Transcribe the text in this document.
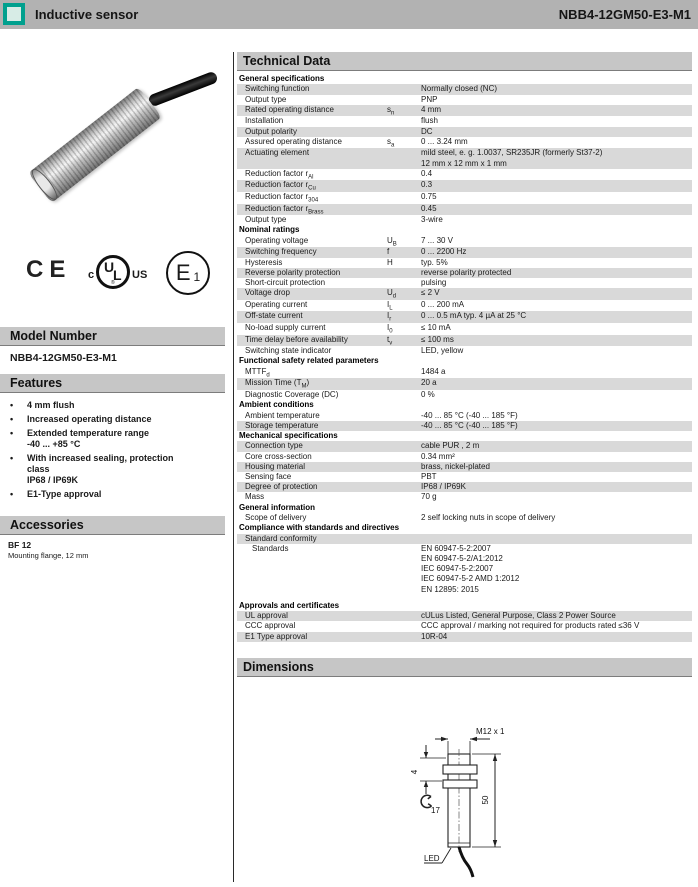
Inductive sensor	NBB4-12GM50-E3-M1
CE c U
L
®
US E 1
Model Number
NBB4-12GM50-E3-M1
Features
•	4 mm flush
•	Increased operating distance
•	Extended temperature range
-40 ... +85 °C
•	With increased sealing, protection
class
IP68 / IP69K
•	E1-Type approval
Accessories
BF 12
Mounting flange, 12 mm
Technical Data
General specifications
Switching function	Normally closed (NC)
Output type	PNP
Rated operating distance	$s_n$	4 mm
Installation	flush
Output polarity	DC
Assured operating distance	$s_a$	0 ... 3.24 mm
Actuating element	mild steel, e. g. 1.0037, SR235JR (formerly St37-2)
12 mm x 12 mm x 1 mm
Reduction factor $r_{Al}$	0.4
Reduction factor $r_{Cu}$	0.3
Reduction factor $r_{304}$	0.75
Reduction factor $r_{Brass}$	0.45
Output type	3-wire
Nominal ratings
Operating voltage	$U_B$	7 ... 30 V
Switching frequency	f	0 ... 2200 Hz
Hysteresis	H	typ. 5%
Reverse polarity protection	reverse polarity protected
Short-circuit protection	pulsing
Voltage drop	$U_d$	≤ 2 V
Operating current	$I_L$	0 ... 200 mA
Off-state current	$I_r$	0 ... 0.5 mA typ. 4 µA at 25 °C
No-load supply current	$I_0$	≤ 10 mA
Time delay before availability	$t_v$	≤ 100 ms
Switching state indicator	LED, yellow
Functional safety related parameters
$MTTF_d$	1484 a
Mission Time $(T_M)$	20 a
Diagnostic Coverage (DC)	0 %
Ambient conditions
Ambient temperature	-40 ... 85 °C (-40 ... 185 °F)
Storage temperature	-40 ... 85 °C (-40 ... 185 °F)
Mechanical specifications
Connection type	cable PUR , 2 m
Core cross-section	0.34 mm²
Housing material	brass, nickel-plated
Sensing face	PBT
Degree of protection	IP68 / IP69K
Mass	70 g
General information
Scope of delivery	2 self locking nuts in scope of delivery
Compliance with standards and directives
Standard conformity
Standards	EN 60947-5-2:2007
EN 60947-5-2/A1:2012
IEC 60947-5-2:2007
IEC 60947-5-2 AMD 1:2012
EN 12895: 2015
Approvals and certificates
UL approval	cULus Listed, General Purpose, Class 2 Power Source
CCC approval	CCC approval / marking not required for products rated ≤36 V
E1 Type approval	10R-04
Dimensions
M12 x 1
4
17
50
LED
